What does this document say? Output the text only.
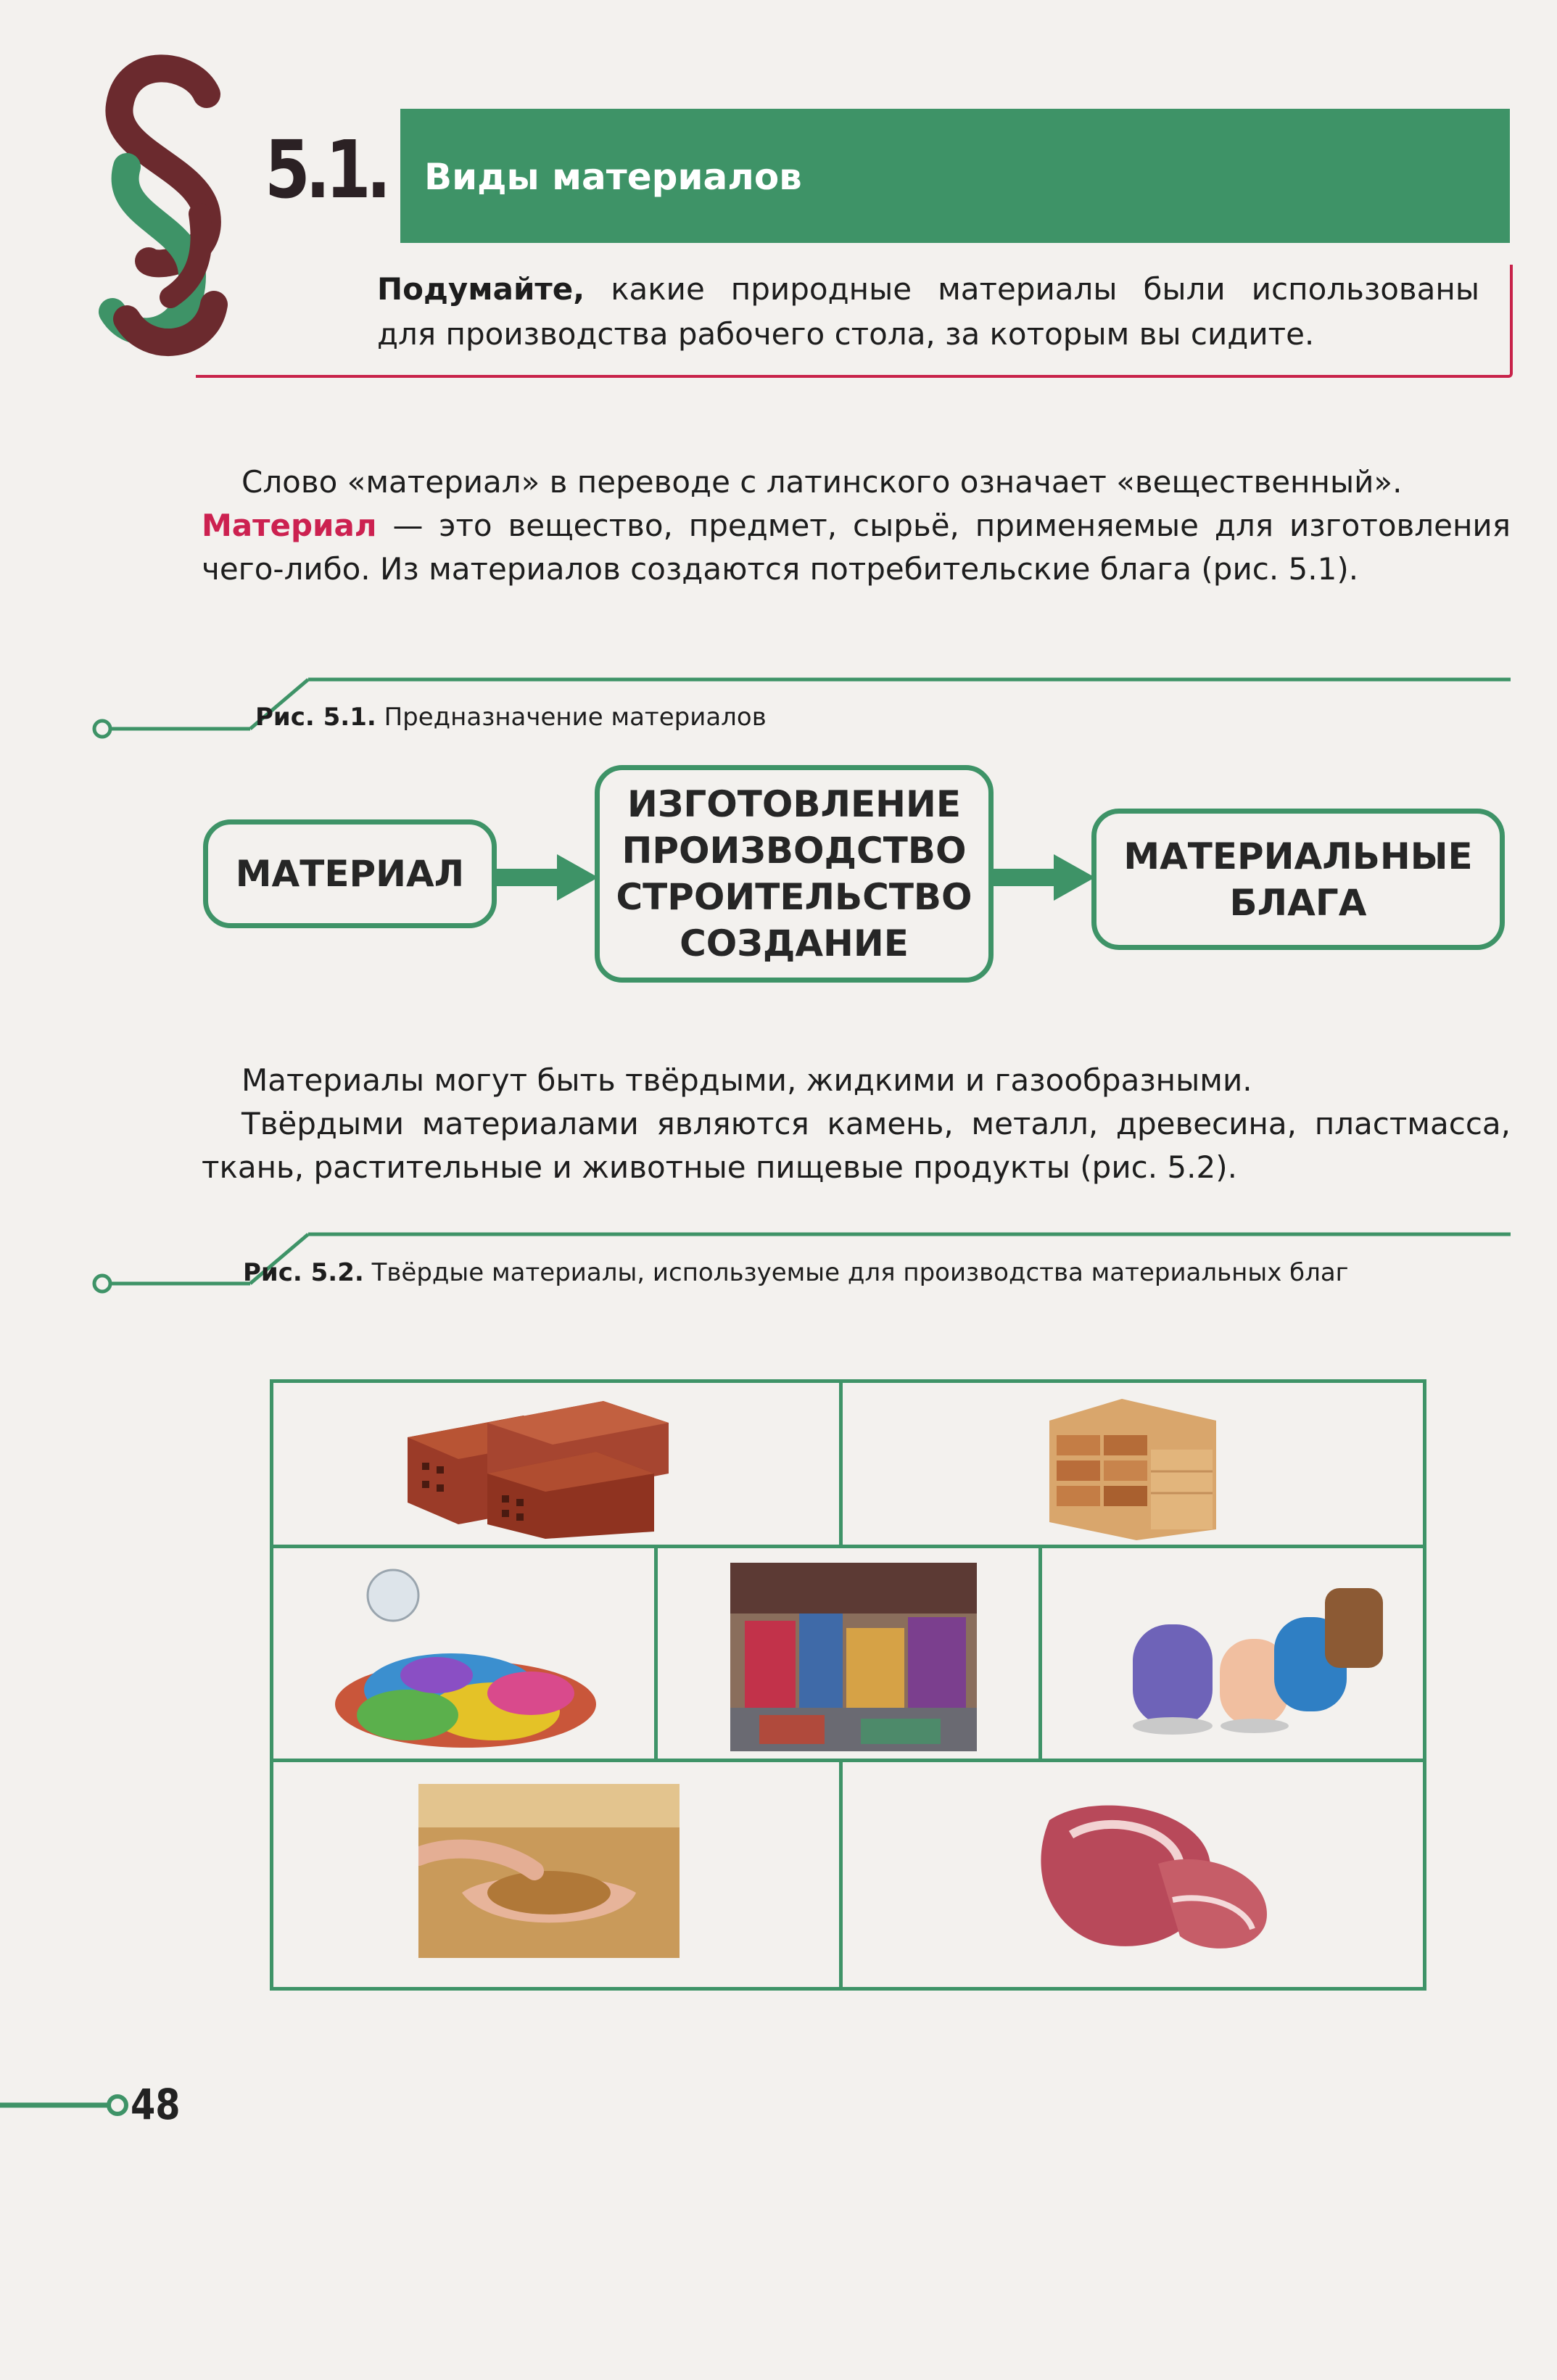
5.1. Виды материалов
Подумайте, какие природные материалы были использованы
для производства рабочего стола, за которым вы сидите.
Слово «материал» в переводе с латинского означает «вещественный».
Материал — это вещество, предмет, сырьё, применяемые для изготовления чего-либо. Из материалов создаются потребительские блага (рис. 5.1).
Рис. 5.1. Предназначение материалов
МАТЕРИАЛ
ИЗГОТОВЛЕНИЕ
ПРОИЗВОДСТВО
СТРОИТЕЛЬСТВО
СОЗДАНИЕ
МАТЕРИАЛЬНЫЕ
БЛАГА
Материалы могут быть твёрдыми, жидкими и газообразными.
Твёрдыми материалами являются камень, металл, древесина, пластмасса, ткань, растительные и животные пищевые продукты (рис. 5.2).
Рис. 5.2. Твёрдые материалы, используемые для производства материальных благ
48
